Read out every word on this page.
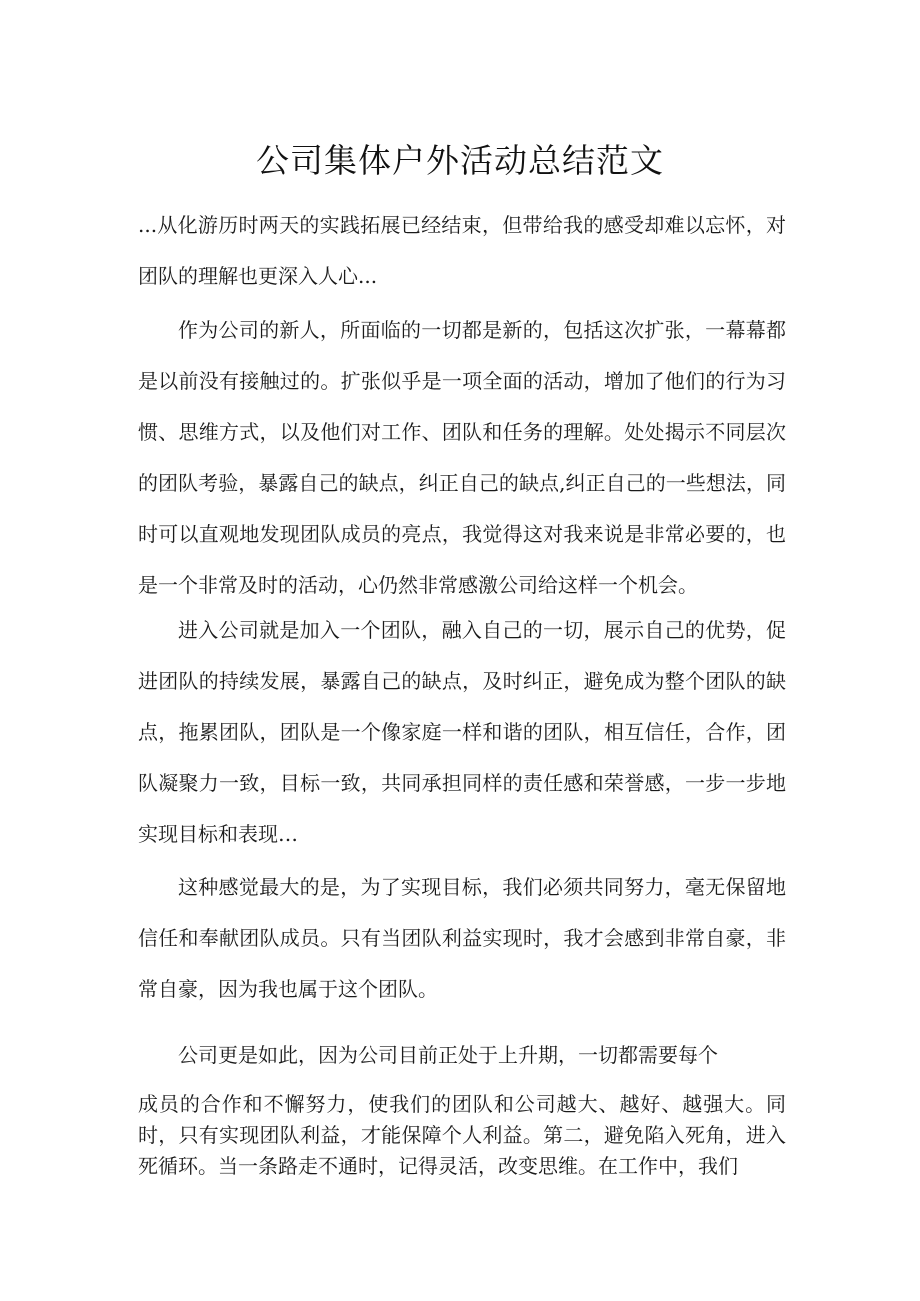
公司集体户外活动总结范文

...从化游历时两天的实践拓展已经结束，但带给我的感受却难以忘怀，对团队的理解也更深入人心...

作为公司的新人，所面临的一切都是新的，包括这次扩张，一幕幕都是以前没有接触过的。扩张似乎是一项全面的活动，增加了他们的行为习惯、思维方式，以及他们对工作、团队和任务的理解。处处揭示不同层次的团队考验，暴露自己的缺点，纠正自己的缺点,纠正自己的一些想法，同时可以直观地发现团队成员的亮点，我觉得这对我来说是非常必要的，也是一个非常及时的活动，心仍然非常感激公司给这样一个机会。

进入公司就是加入一个团队，融入自己的一切，展示自己的优势，促进团队的持续发展，暴露自己的缺点，及时纠正，避免成为整个团队的缺点，拖累团队，团队是一个像家庭一样和谐的团队，相互信任，合作，团队凝聚力一致，目标一致，共同承担同样的责任感和荣誉感，一步一步地实现目标和表现…

这种感觉最大的是，为了实现目标，我们必须共同努力，毫无保留地信任和奉献团队成员。只有当团队利益实现时，我才会感到非常自豪，非常自豪，因为我也属于这个团队。

公司更是如此，因为公司目前正处于上升期，一切都需要每个

成员的合作和不懈努力，使我们的团队和公司越大、越好、越强大。同时，只有实现团队利益，才能保障个人利益。第二，避免陷入死角，进入死循环。当一条路走不通时，记得灵活，改变思维。在工作中，我们
